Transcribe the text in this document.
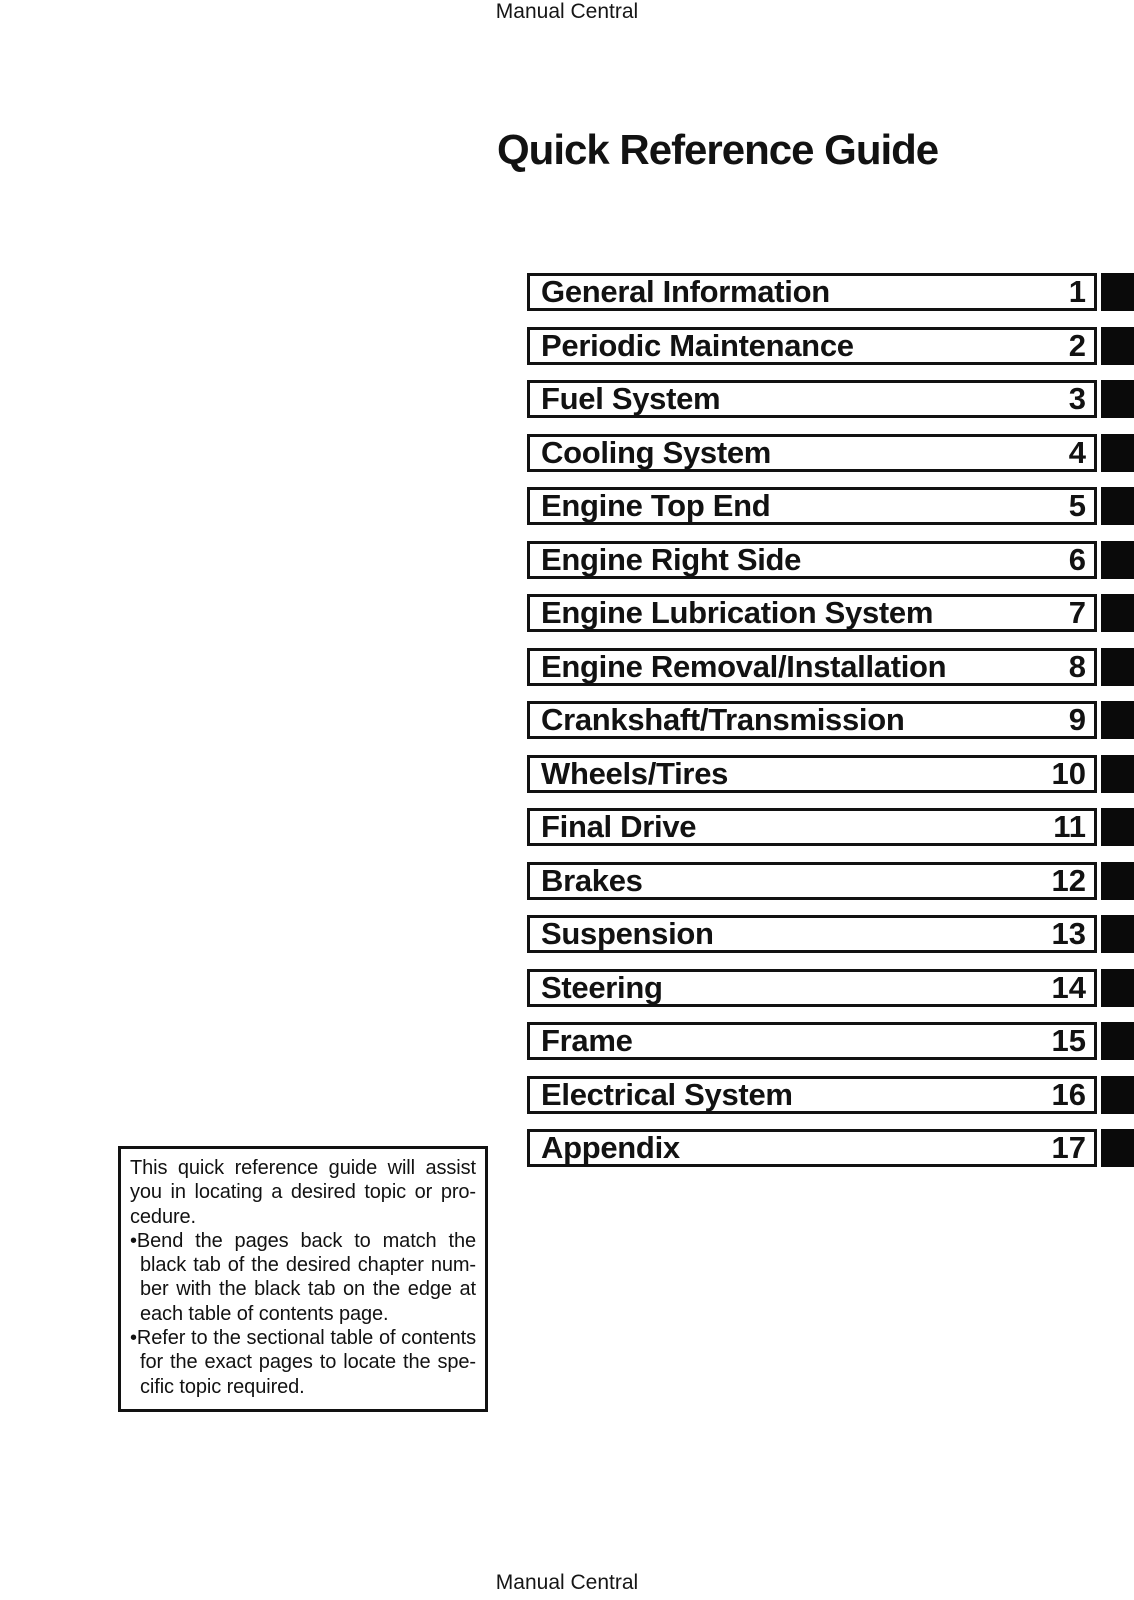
Manual Central
Quick Reference Guide
General Information	1
Periodic Maintenance	2
Fuel System	3
Cooling System	4
Engine Top End	5
Engine Right Side	6
Engine Lubrication System	7
Engine Removal/Installation	8
Crankshaft/Transmission	9
Wheels/Tires	10
Final Drive	11
Brakes	12
Suspension	13
Steering	14
Frame	15
Electrical System	16
Appendix	17
This quick reference guide will assist
you in locating a desired topic or pro-
cedure.
•Bend the pages back to match the
black tab of the desired chapter num-
ber with the black tab on the edge at
each table of contents page.
•Refer to the sectional table of contents
for the exact pages to locate the spe-
cific topic required.
Manual Central
